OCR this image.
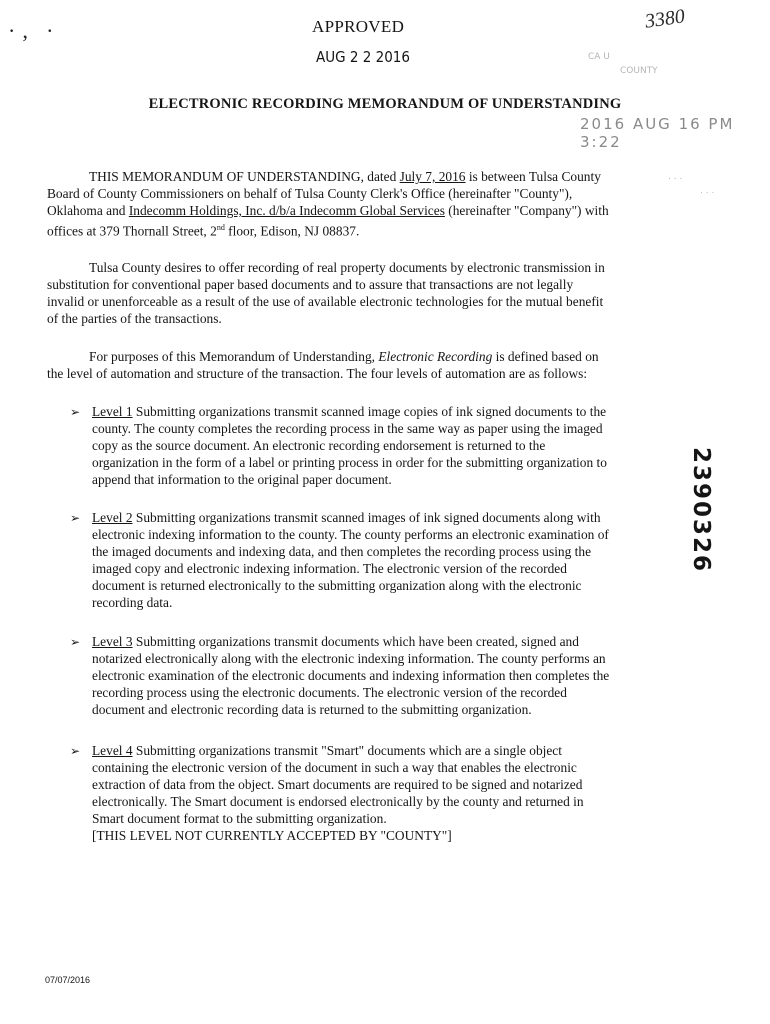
·‚ ·	APPROVED
AUG 2 2 2016
3380
CA U
COUNTY
ELECTRONIC RECORDING MEMORANDUM OF UNDERSTANDING
2016 AUG 16 PM 3:22

THIS MEMORANDUM OF UNDERSTANDING, dated July 7, 2016 is between Tulsa County

Board of County Commissioners on behalf of Tulsa County Clerk's Office (hereinafter "County"),

Oklahoma and Indecomm Holdings, Inc. d/b/a Indecomm Global Services (hereinafter "Company") with

offices at 379 Thornall Street, 2nd floor, Edison, NJ 08837.

. . .
. . .

Tulsa County desires to offer recording of real property documents by electronic transmission in

substitution for conventional paper based documents and to assure that transactions are not legally

invalid or unenforceable as a result of the use of available electronic technologies for the mutual benefit

of the parties of the transactions.

For purposes of this Memorandum of Understanding, Electronic Recording is defined based on

the level of automation and structure of the transaction. The four levels of automation are as follows:

➢ Level 1 Submitting organizations transmit scanned image copies of ink signed documents to the

county. The county completes the recording process in the same way as paper using the imaged

copy as the source document. An electronic recording endorsement is returned to the

organization in the form of a label or printing process in order for the submitting organization to

append that information to the original paper document.

➢ Level 2 Submitting organizations transmit scanned images of ink signed documents along with

electronic indexing information to the county. The county performs an electronic examination of

the imaged documents and indexing data, and then completes the recording process using the

imaged copy and electronic indexing information. The electronic version of the recorded

document is returned electronically to the submitting organization along with the electronic

recording data.

➢ Level 3 Submitting organizations transmit documents which have been created, signed and

notarized electronically along with the electronic indexing information. The county performs an

electronic examination of the electronic documents and indexing information then completes the

recording process using the electronic documents. The electronic version of the recorded

document and electronic recording data is returned to the submitting organization.

➢ Level 4 Submitting organizations transmit "Smart" documents which are a single object

containing the electronic version of the document in such a way that enables the electronic

extraction of data from the object. Smart documents are required to be signed and notarized

electronically. The Smart document is endorsed electronically by the county and returned in

Smart document format to the submitting organization.

[THIS LEVEL NOT CURRENTLY ACCEPTED BY "COUNTY"]

2390326
07/07/2016
